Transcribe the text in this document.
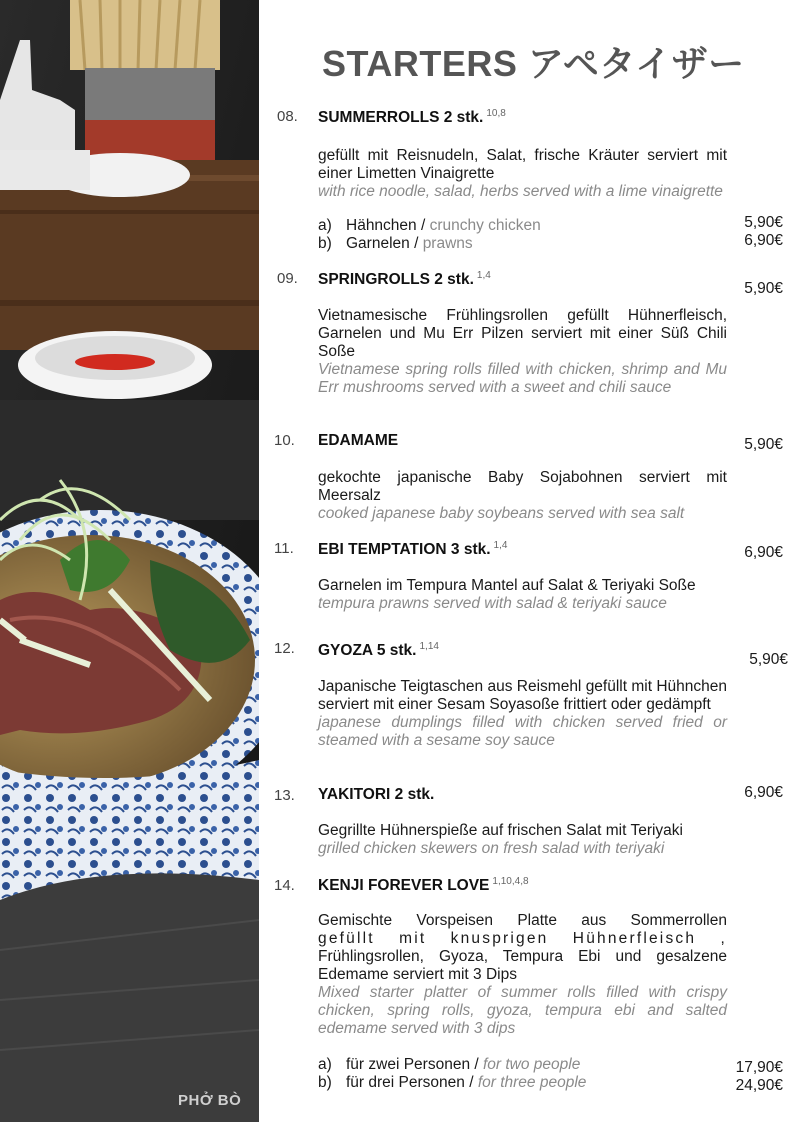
PHỞ BÒ
STARTERS アペタイザー
08. SUMMERROLLS 2 stk. $^{10,8}$
gefüllt mit Reisnudeln, Salat, frische Kräuter serviert mit einer Limetten Vinaigrette
with rice noodle, salad, herbs served with a lime vinaigrette
a) Hähnchen / crunchy chicken
b) Garnelen / prawns
5,90€
6,90€
09. SPRINGROLLS 2 stk. $^{1,4}$
5,90€
Vietnamesische Frühlingsrollen gefüllt Hühnerfleisch, Garnelen und Mu Err Pilzen serviert mit einer Süß Chili Soße
Vietnamese spring rolls filled with chicken, shrimp and Mu Err mushrooms served with a sweet and chili sauce
10. EDAMAME	5,90€
gekochte japanische Baby Sojabohnen serviert mit Meersalz
cooked japanese baby soybeans served with sea salt
11. EBI TEMPTATION 3 stk. $^{1,4}$	6,90€
Garnelen im Tempura Mantel auf Salat & Teriyaki Soße
tempura prawns served with salad & teriyaki sauce
12. GYOZA 5 stk. $^{1,14}$
5,90€
Japanische Teigtaschen aus Reismehl gefüllt mit Hühnchen serviert mit einer Sesam Soyasoße frittiert oder gedämpft
japanese dumplings filled with chicken served fried or steamed with a sesame soy sauce
13. YAKITORI 2 stk.	6,90€
Gegrillte Hühnerspieße auf frischen Salat mit Teriyaki
grilled chicken skewers on fresh salad with teriyaki
14. KENJI FOREVER LOVE $^{1,10,4,8}$
Gemischte Vorspeisen Platte aus Sommerrollen
gefüllt mit knusprigen Hühnerfleisch ,
Frühlingsrollen, Gyoza, Tempura Ebi und gesalzene Edemame serviert mit 3 Dips
Mixed starter platter of summer rolls filled with crispy chicken, spring rolls, gyoza, tempura ebi and salted edemame served with 3 dips
a) für zwei Personen / for two people
b) für drei Personen / for three people
17,90€
24,90€
